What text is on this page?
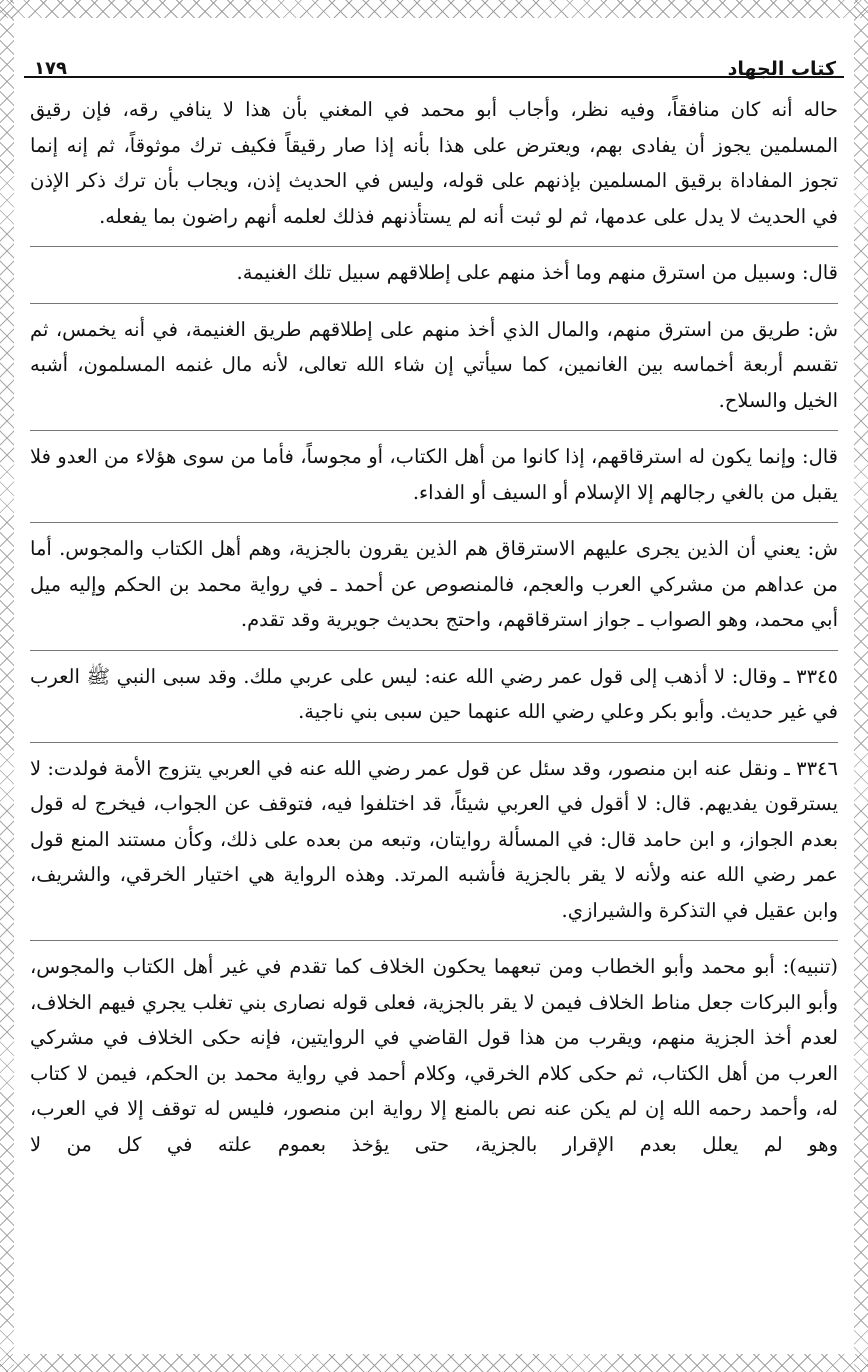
كتاب الجهاد
١٧٩

حاله أنه كان منافقاً، وفيه نظر، وأجاب أبو محمد في المغني بأن هذا لا ينافي رقه، فإن رقيق المسلمين يجوز أن يفادى بهم، ويعترض على هذا بأنه إذا صار رقيقاً فكيف ترك موثوقاً، ثم إنه إنما تجوز المفاداة برقيق المسلمين بإذنهم على قوله، وليس في الحديث إذن، ويجاب بأن ترك ذكر الإذن في الحديث لا يدل على عدمها، ثم لو ثبت أنه لم يستأذنهم فذلك لعلمه أنهم راضون بما يفعله.

قال: وسبيل من استرق منهم وما أخذ منهم على إطلاقهم سبيل تلك الغنيمة.

ش: طريق من استرق منهم، والمال الذي أخذ منهم على إطلاقهم طريق الغنيمة، في أنه يخمس، ثم تقسم أربعة أخماسه بين الغانمين، كما سيأتي إن شاء الله تعالى، لأنه مال غنمه المسلمون، أشبه الخيل والسلاح.

قال: وإنما يكون له استرقاقهم، إذا كانوا من أهل الكتاب، أو مجوساً، فأما من سوى هؤلاء من العدو فلا يقبل من بالغي رجالهم إلا الإسلام أو السيف أو الفداء.

ش: يعني أن الذين يجرى عليهم الاسترقاق هم الذين يقرون بالجزية، وهم أهل الكتاب والمجوس. أما من عداهم من مشركي العرب والعجم، فالمنصوص عن أحمد ـ في رواية محمد بن الحكم وإليه ميل أبي محمد، وهو الصواب ـ جواز استرقاقهم، واحتج بحديث جويرية وقد تقدم.

٣٣٤٥ ـ وقال: لا أذهب إلى قول عمر رضي الله عنه: ليس على عربي ملك. وقد سبى النبي ﷺ العرب في غير حديث. وأبو بكر وعلي رضي الله عنهما حين سبى بني ناجية.

٣٣٤٦ ـ ونقل عنه ابن منصور، وقد سئل عن قول عمر رضي الله عنه في العربي يتزوج الأمة فولدت: لا يسترقون يفديهم. قال: لا أقول في العربي شيئاً، قد اختلفوا فيه، فتوقف عن الجواب، فيخرج له قول بعدم الجواز، و ابن حامد قال: في المسألة روايتان، وتبعه من بعده على ذلك، وكأن مستند المنع قول عمر رضي الله عنه ولأنه لا يقر بالجزية فأشبه المرتد. وهذه الرواية هي اختيار الخرقي، والشريف، وابن عقيل في التذكرة والشيرازي.

(تنبيه): أبو محمد وأبو الخطاب ومن تبعهما يحكون الخلاف كما تقدم في غير أهل الكتاب والمجوس، وأبو البركات جعل مناط الخلاف فيمن لا يقر بالجزية، فعلى قوله نصارى بني تغلب يجري فيهم الخلاف، لعدم أخذ الجزية منهم، ويقرب من هذا قول القاضي في الروايتين، فإنه حكى الخلاف في مشركي العرب من أهل الكتاب، ثم حكى كلام الخرقي، وكلام أحمد في رواية محمد بن الحكم، فيمن لا كتاب له، وأحمد رحمه الله إن لم يكن عنه نص بالمنع إلا رواية ابن منصور، فليس له توقف إلا في العرب، وهو لم يعلل بعدم الإقرار بالجزية، حتى يؤخذ بعموم علته في كل من لا
